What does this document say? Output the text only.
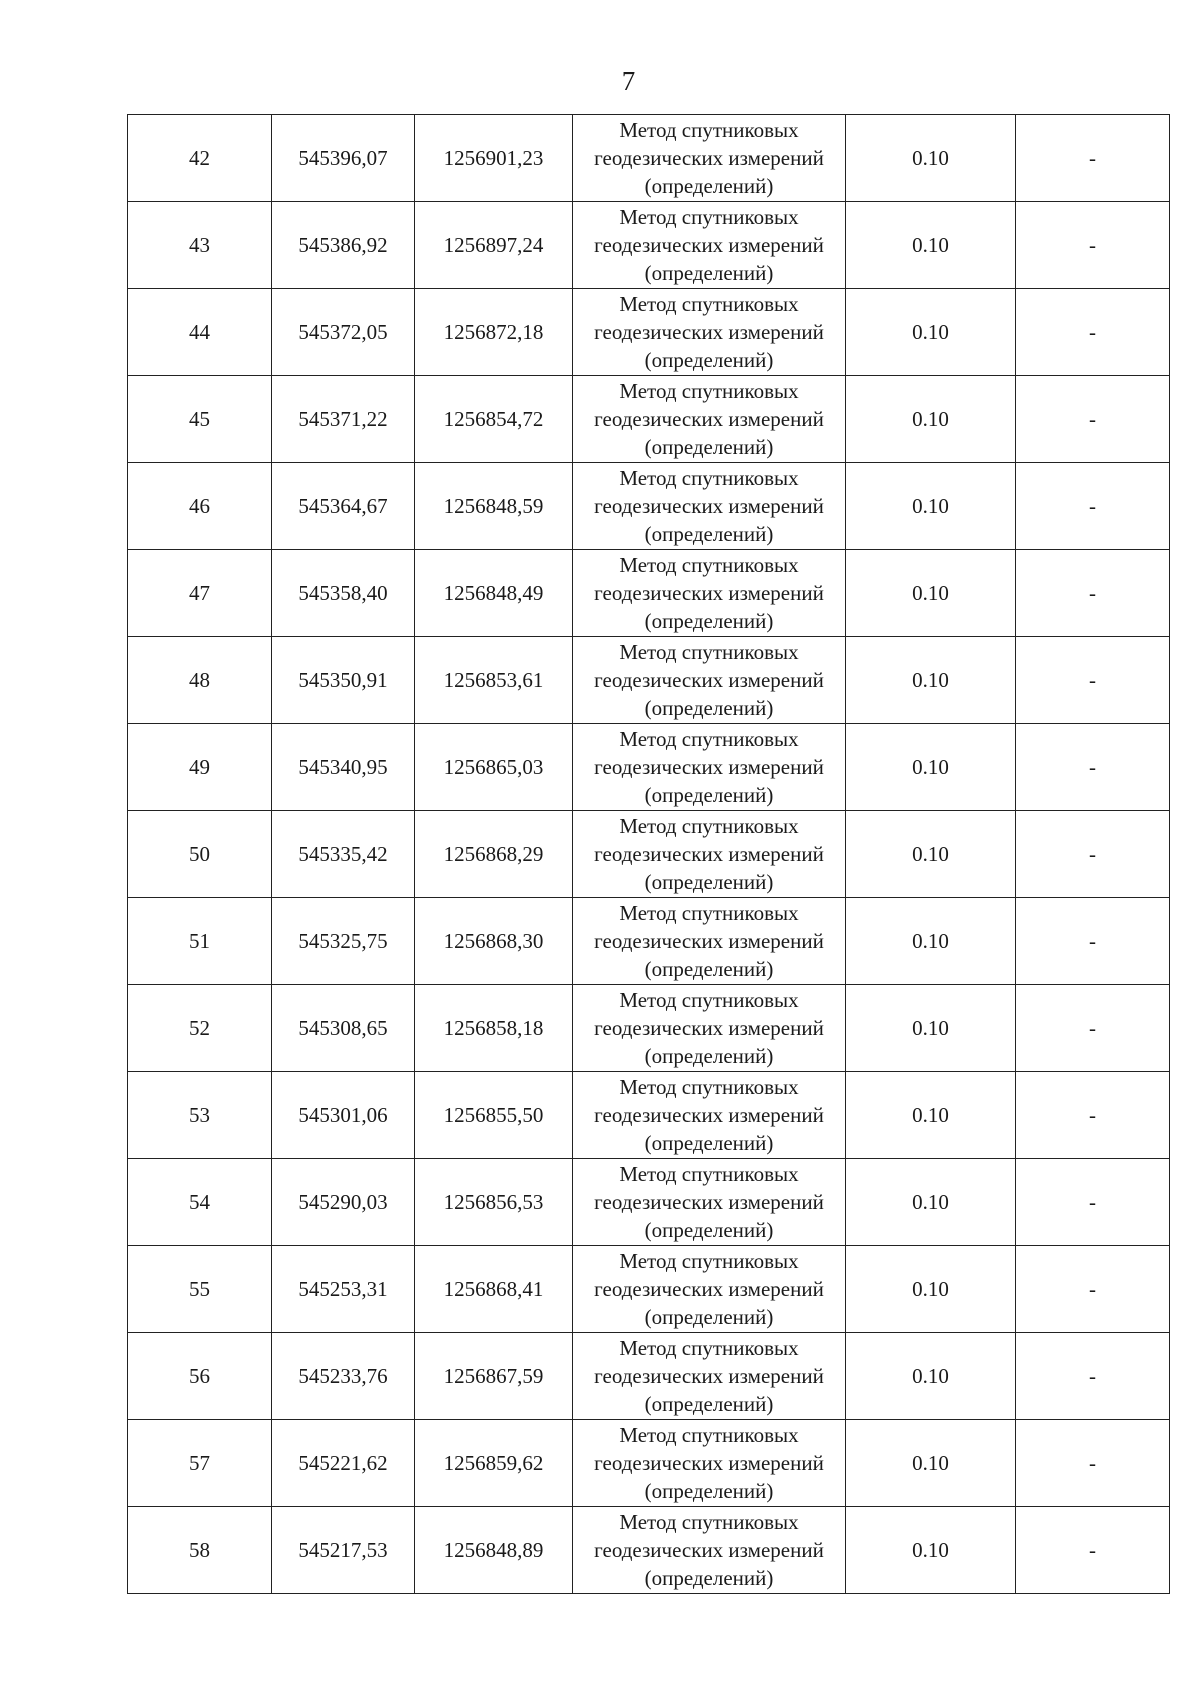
7
42	545396,07	1256901,23	Метод спутниковых
геодезических измерений
(определений)	0.10	-
43	545386,92	1256897,24	Метод спутниковых
геодезических измерений
(определений)	0.10	-
44	545372,05	1256872,18	Метод спутниковых
геодезических измерений
(определений)	0.10	-
45	545371,22	1256854,72	Метод спутниковых
геодезических измерений
(определений)	0.10	-
46	545364,67	1256848,59	Метод спутниковых
геодезических измерений
(определений)	0.10	-
47	545358,40	1256848,49	Метод спутниковых
геодезических измерений
(определений)	0.10	-
48	545350,91	1256853,61	Метод спутниковых
геодезических измерений
(определений)	0.10	-
49	545340,95	1256865,03	Метод спутниковых
геодезических измерений
(определений)	0.10	-
50	545335,42	1256868,29	Метод спутниковых
геодезических измерений
(определений)	0.10	-
51	545325,75	1256868,30	Метод спутниковых
геодезических измерений
(определений)	0.10	-
52	545308,65	1256858,18	Метод спутниковых
геодезических измерений
(определений)	0.10	-
53	545301,06	1256855,50	Метод спутниковых
геодезических измерений
(определений)	0.10	-
54	545290,03	1256856,53	Метод спутниковых
геодезических измерений
(определений)	0.10	-
55	545253,31	1256868,41	Метод спутниковых
геодезических измерений
(определений)	0.10	-
56	545233,76	1256867,59	Метод спутниковых
геодезических измерений
(определений)	0.10	-
57	545221,62	1256859,62	Метод спутниковых
геодезических измерений
(определений)	0.10	-
58	545217,53	1256848,89	Метод спутниковых
геодезических измерений
(определений)	0.10	-
